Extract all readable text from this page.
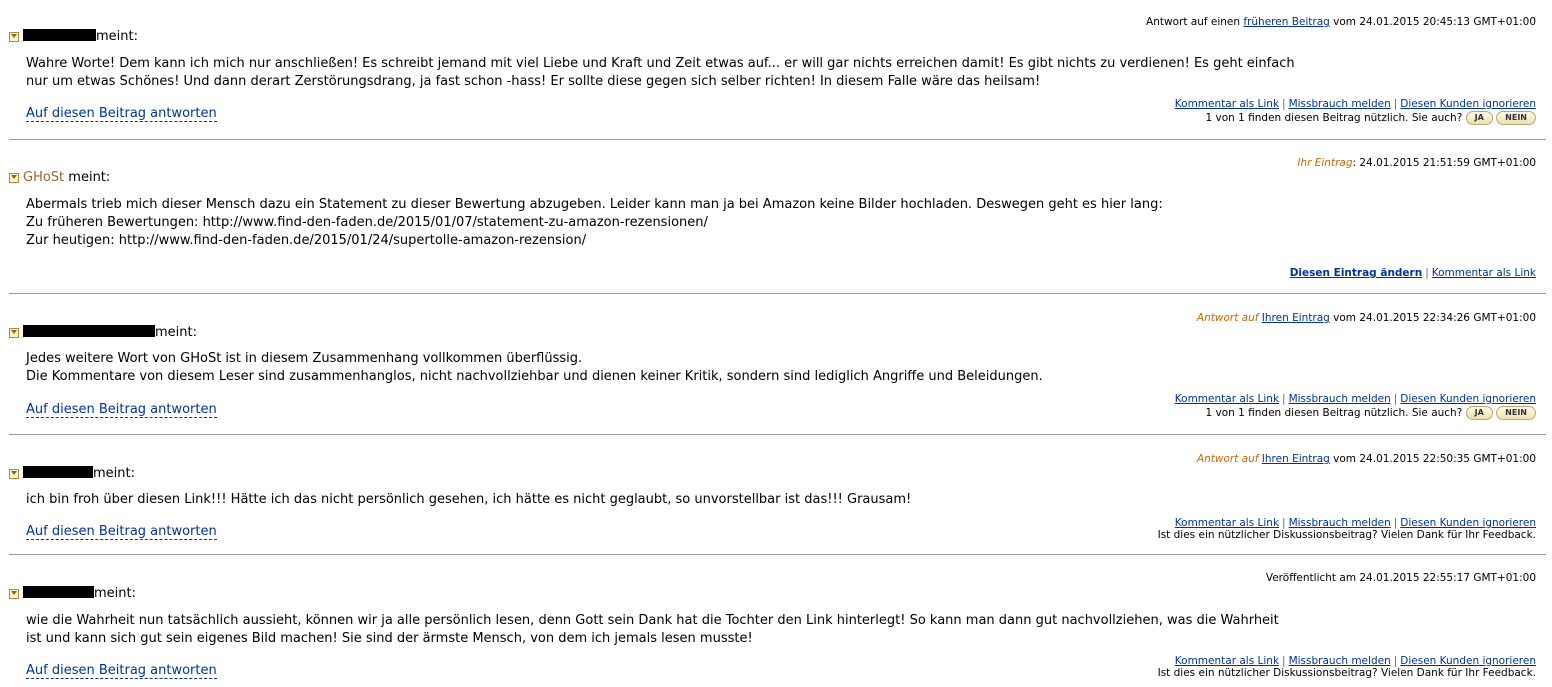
Antwort auf einen früheren Beitrag vom 24.01.2015 20:45:13 GMT+01:00
meint:

Wahre Worte! Dem kann ich mich nur anschließen! Es schreibt jemand mit viel Liebe und Kraft und Zeit etwas auf... er will gar nichts erreichen damit! Es gibt nichts zu verdienen! Es geht einfach

nur um etwas Schönes! Und dann derart Zerstörungsdrang, ja fast schon -hass! Er sollte diese gegen sich selber richten! In diesem Falle wäre das heilsam!

Auf diesen Beitrag antworten
Kommentar als Link | Missbrauch melden | Diesen Kunden ignorieren
1 von 1 finden diesen Beitrag nützlich. Sie auch? JA	NEIN
Ihr Eintrag: 24.01.2015 21:51:59 GMT+01:00
GHoSt meint:

Abermals trieb mich dieser Mensch dazu ein Statement zu dieser Bewertung abzugeben. Leider kann man ja bei Amazon keine Bilder hochladen. Deswegen geht es hier lang:

Zu früheren Bewertungen: http://www.find-den-faden.de/2015/01/07/statement-zu-amazon-rezensionen/

Zur heutigen: http://www.find-den-faden.de/2015/01/24/supertolle-amazon-rezension/

Diesen Eintrag ändern | Kommentar als Link
Antwort auf Ihren Eintrag vom 24.01.2015 22:34:26 GMT+01:00
meint:

Jedes weitere Wort von GHoSt ist in diesem Zusammenhang vollkommen überflüssig.

Die Kommentare von diesem Leser sind zusammenhanglos, nicht nachvollziehbar und dienen keiner Kritik, sondern sind lediglich Angriffe und Beleidungen.

Auf diesen Beitrag antworten
Kommentar als Link | Missbrauch melden | Diesen Kunden ignorieren
1 von 1 finden diesen Beitrag nützlich. Sie auch? JA	NEIN
Antwort auf Ihren Eintrag vom 24.01.2015 22:50:35 GMT+01:00
meint:

ich bin froh über diesen Link!!! Hätte ich das nicht persönlich gesehen, ich hätte es nicht geglaubt, so unvorstellbar ist das!!! Grausam!

Auf diesen Beitrag antworten
Kommentar als Link | Missbrauch melden | Diesen Kunden ignorieren
Ist dies ein nützlicher Diskussionsbeitrag? Vielen Dank für Ihr Feedback.
Veröffentlicht am 24.01.2015 22:55:17 GMT+01:00
meint:

wie die Wahrheit nun tatsächlich aussieht, können wir ja alle persönlich lesen, denn Gott sein Dank hat die Tochter den Link hinterlegt! So kann man dann gut nachvollziehen, was die Wahrheit

ist und kann sich gut sein eigenes Bild machen! Sie sind der ärmste Mensch, von dem ich jemals lesen musste!

Auf diesen Beitrag antworten
Kommentar als Link | Missbrauch melden | Diesen Kunden ignorieren
Ist dies ein nützlicher Diskussionsbeitrag? Vielen Dank für Ihr Feedback.
